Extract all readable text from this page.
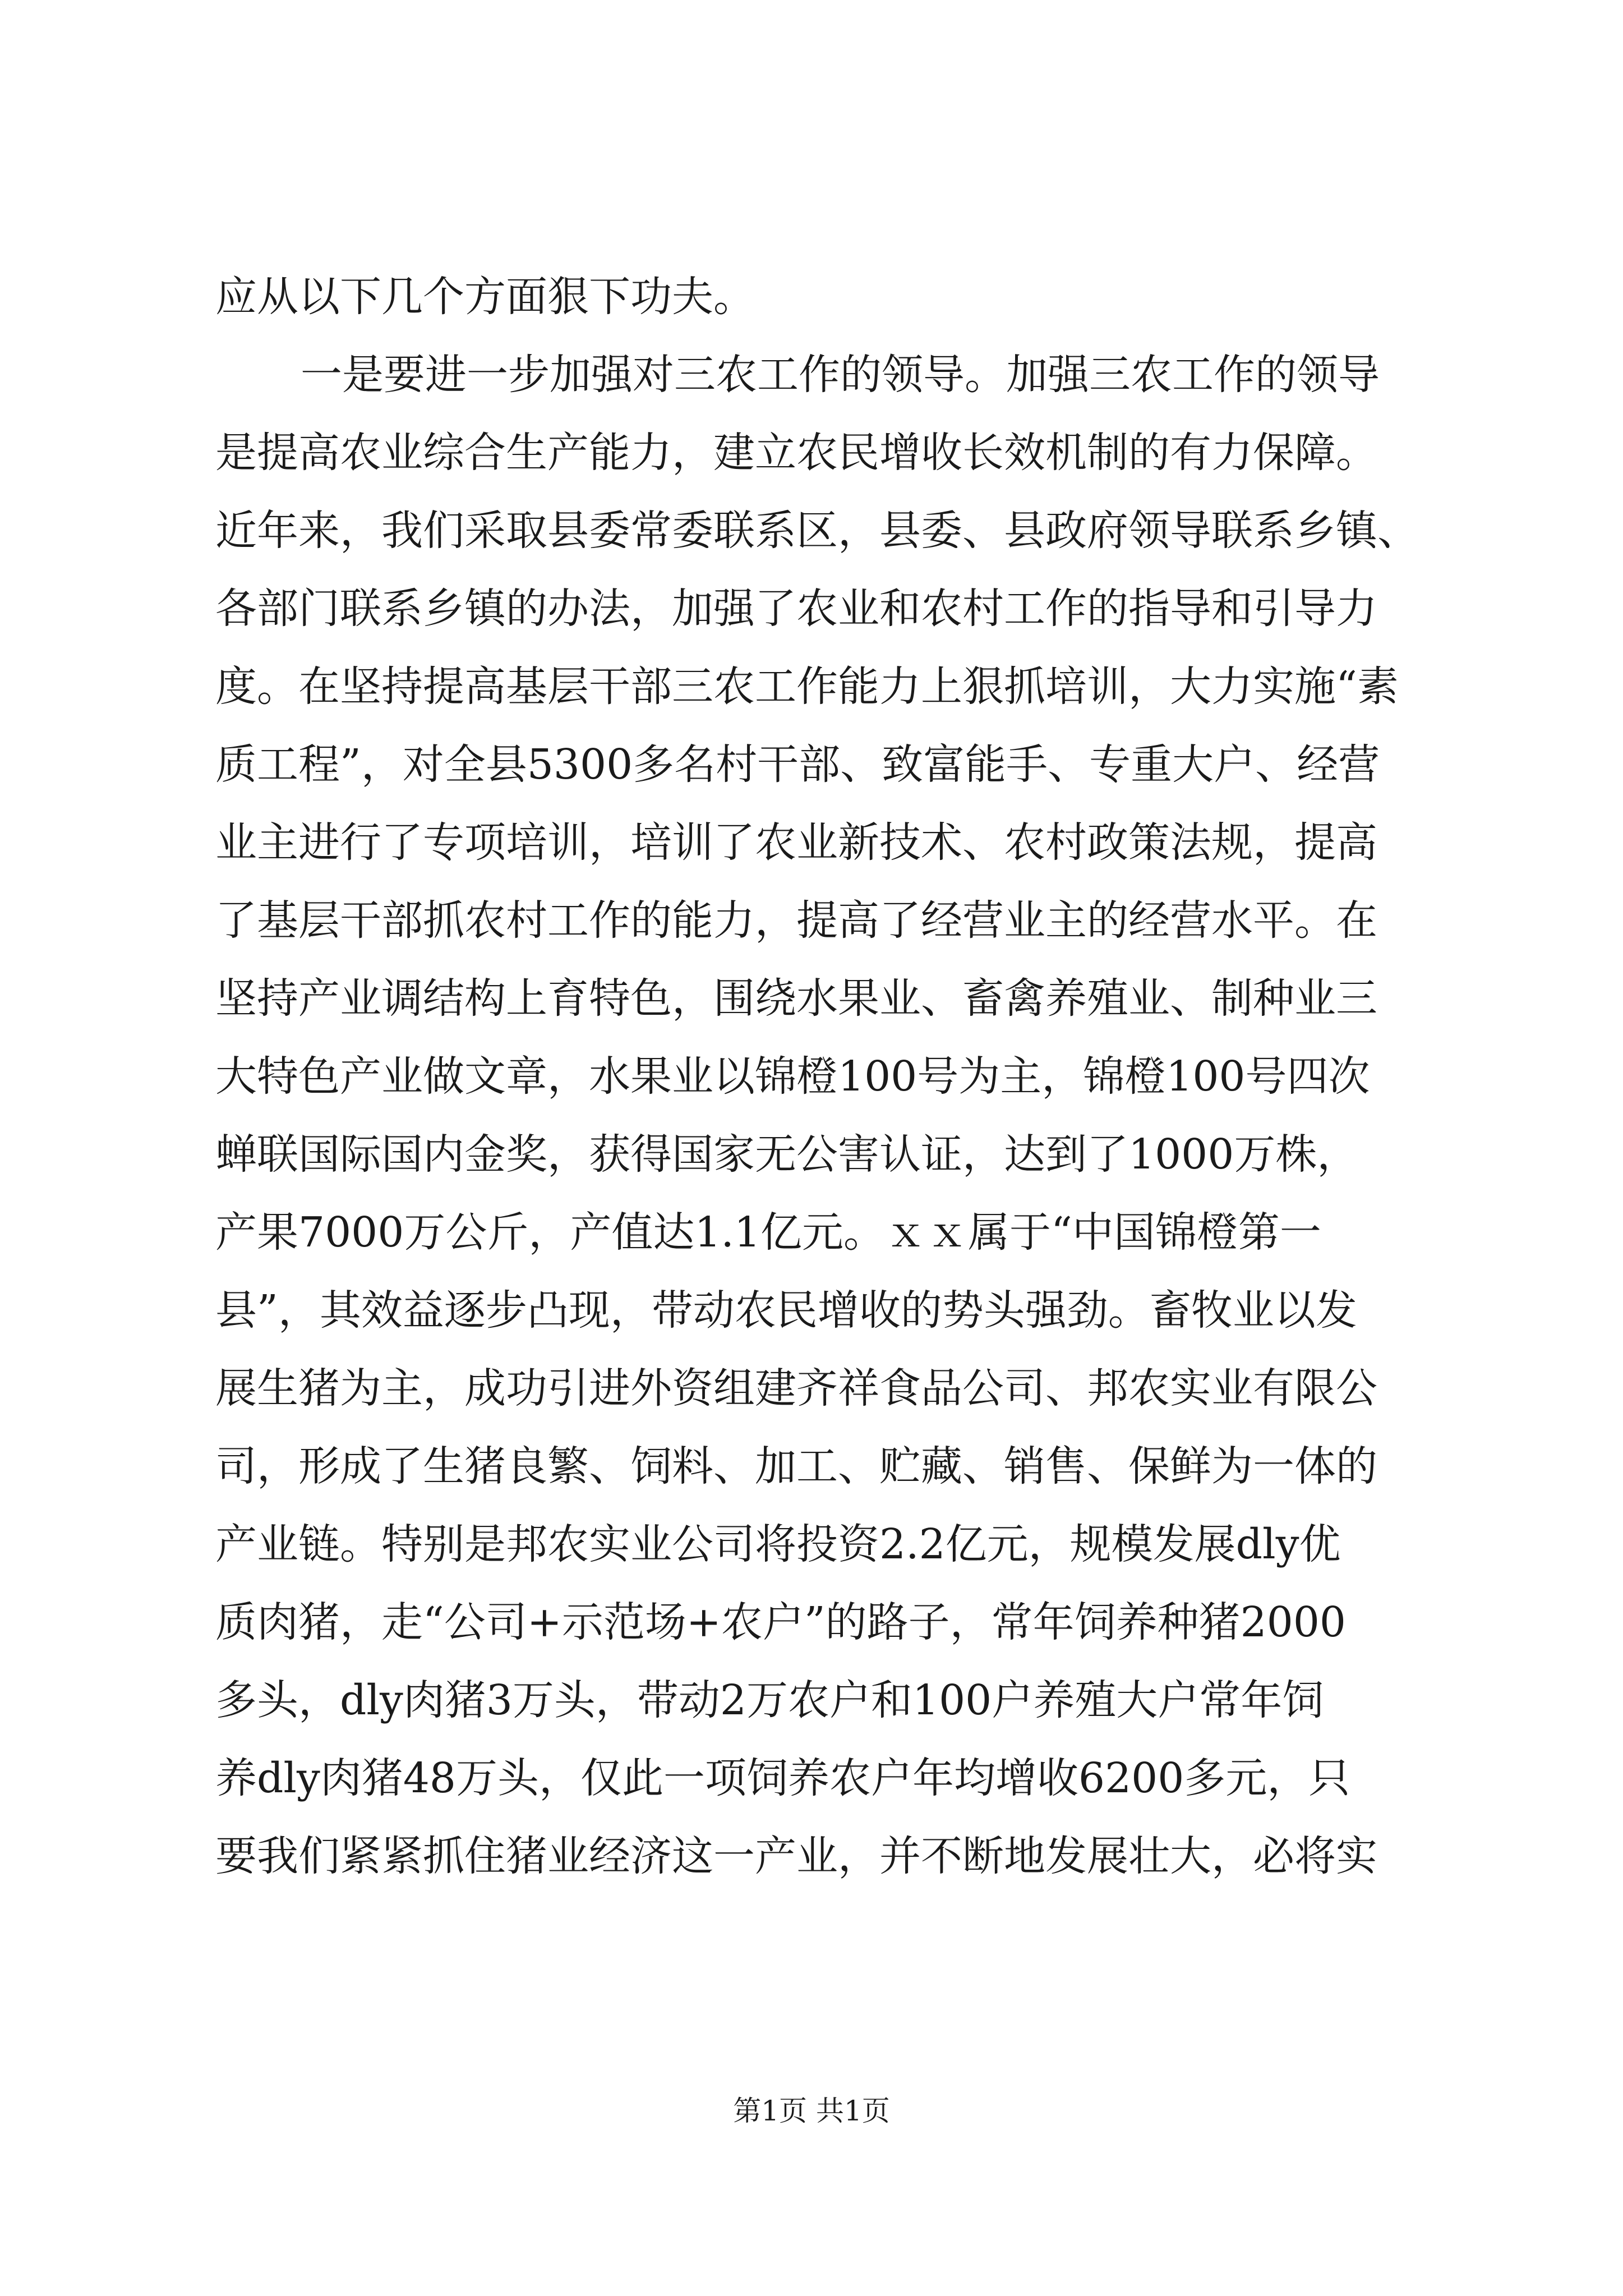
应从以下几个方面狠下功夫。
一是要进一步加强对三农工作的领导。加强三农工作的领导
是提高农业综合生产能力，建立农民增收长效机制的有力保障。
近年来，我们采取县委常委联系区，县委、县政府领导联系乡镇、
各部门联系乡镇的办法，加强了农业和农村工作的指导和引导力
度。在坚持提高基层干部三农工作能力上狠抓培训，大力实施“素
质工程”，对全县5300多名村干部、致富能手、专重大户、经营
业主进行了专项培训，培训了农业新技术、农村政策法规，提高
了基层干部抓农村工作的能力，提高了经营业主的经营水平。在
坚持产业调结构上育特色，围绕水果业、畜禽养殖业、制种业三
大特色产业做文章，水果业以锦橙100号为主，锦橙100号四次
蝉联国际国内金奖，获得国家无公害认证，达到了1000万株，
产果7000万公斤，产值达1.1亿元。ｘｘ属于“中国锦橙第一
县”，其效益逐步凸现，带动农民增收的势头强劲。畜牧业以发
展生猪为主，成功引进外资组建齐祥食品公司、邦农实业有限公
司，形成了生猪良繁、饲料、加工、贮藏、销售、保鲜为一体的
产业链。特别是邦农实业公司将投资2.2亿元，规模发展dly优
质肉猪，走“公司+示范场+农户”的路子，常年饲养种猪2000
多头，dly肉猪3万头，带动2万农户和100户养殖大户常年饲
养dly肉猪48万头，仅此一项饲养农户年均增收6200多元，只
要我们紧紧抓住猪业经济这一产业，并不断地发展壮大，必将实
第1页 共1页
